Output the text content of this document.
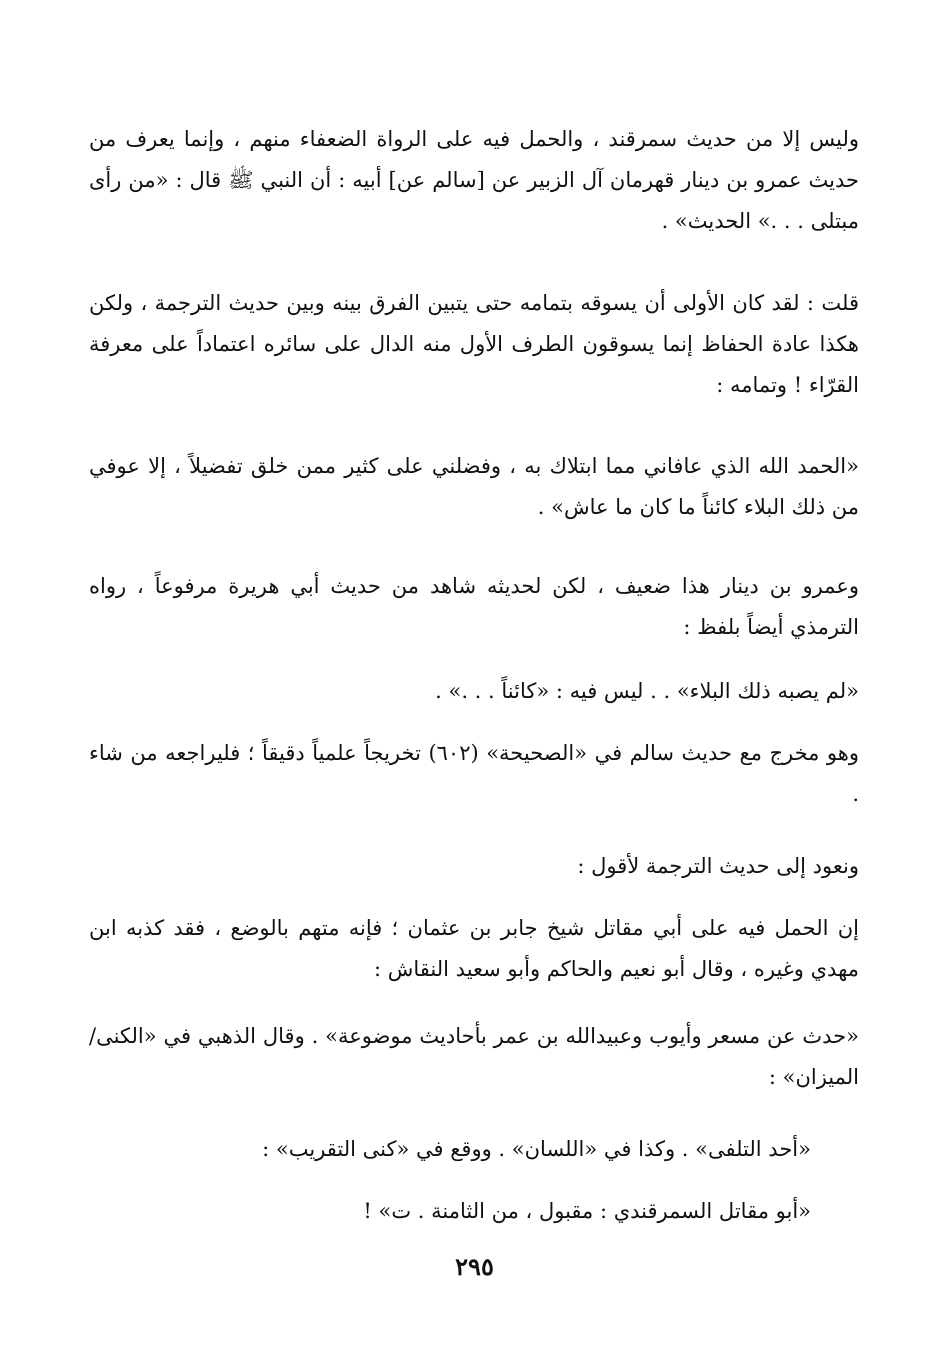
وليس إلا من حديث سمرقند ، والحمل فيه على الرواة الضعفاء منهم ، وإنما يعرف من حديث عمرو بن دينار قهرمان آل الزبير عن [سالم عن] أبيه : أن النبي ﷺ قال : «من رأى مبتلى . . .» الحديث» .

قلت : لقد كان الأولى أن يسوقه بتمامه حتى يتبين الفرق بينه وبين حديث الترجمة ، ولكن هكذا عادة الحفاظ إنما يسوقون الطرف الأول منه الدال على سائره اعتماداً على معرفة القرّاء ! وتمامه :

«الحمد الله الذي عافاني مما ابتلاك به ، وفضلني على كثير ممن خلق تفضيلاً ، إلا عوفي من ذلك البلاء كائناً ما كان ما عاش» .

وعمرو بن دينار هذا ضعيف ، لكن لحديثه شاهد من حديث أبي هريرة مرفوعاً ، رواه الترمذي أيضاً بلفظ :

«لم يصبه ذلك البلاء» . . ليس فيه : «كائناً . . .» .

وهو مخرج مع حديث سالم في «الصحيحة» (٦٠٢) تخريجاً علمياً دقيقاً ؛ فليراجعه من شاء .

ونعود إلى حديث الترجمة لأقول :

إن الحمل فيه على أبي مقاتل شيخ جابر بن عثمان ؛ فإنه متهم بالوضع ، فقد كذبه ابن مهدي وغيره ، وقال أبو نعيم والحاكم وأبو سعيد النقاش :

«حدث عن مسعر وأيوب وعبيدالله بن عمر بأحاديث موضوعة» . وقال الذهبي في «الكنى/ الميزان» :

«أحد التلفى» . وكذا في «اللسان» . ووقع في «كنى التقريب» :

«أبو مقاتل السمرقندي : مقبول ، من الثامنة . ت» !

٢٩٥
